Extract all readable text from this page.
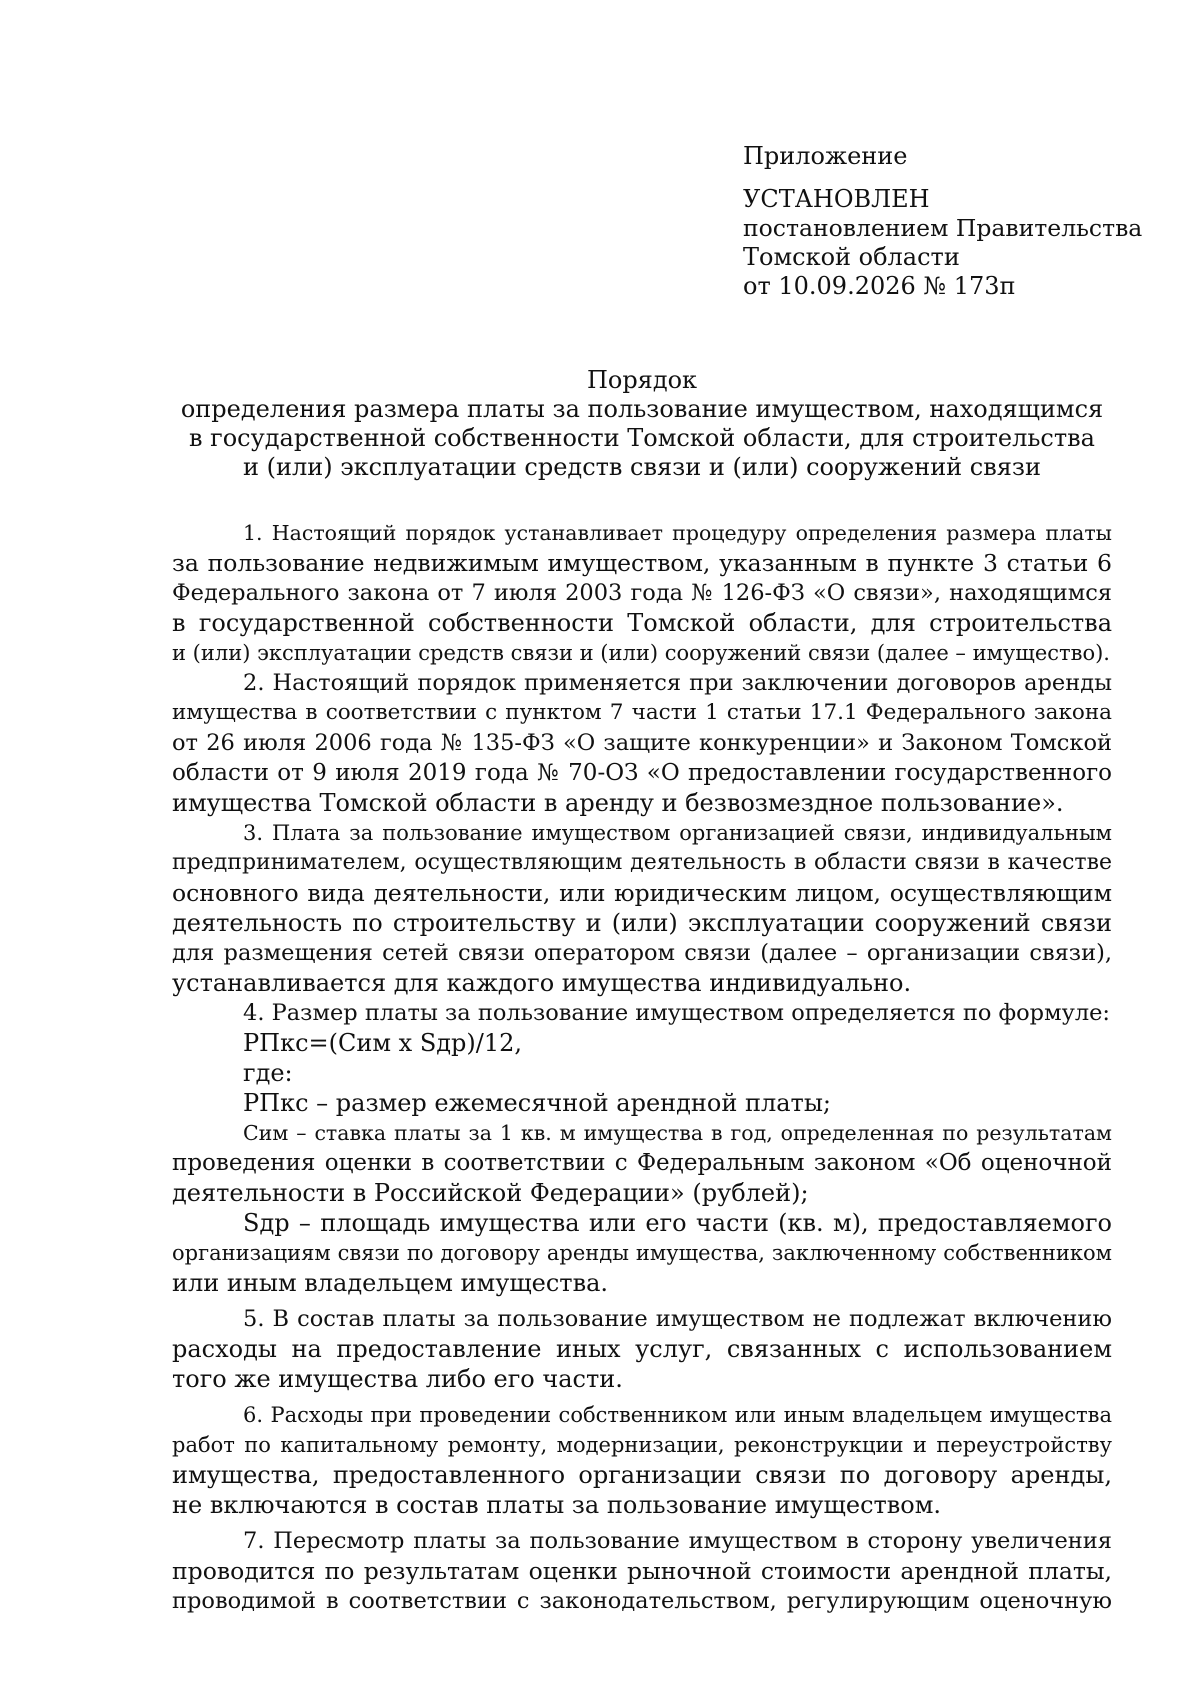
Приложение
УСТАНОВЛЕН
постановлением Правительства
Томской области
от 10.09.2026 № 173п
Порядок
определения размера платы за пользование имуществом, находящимся
в государственной собственности Томской области, для строительства
и (или) эксплуатации средств связи и (или) сооружений связи
1. Настоящий порядок устанавливает процедуру определения размера платы
за пользование недвижимым имуществом, указанным в пункте 3 статьи 6
Федерального закона от 7 июля 2003 года № 126-ФЗ «О связи», находящимся
в государственной собственности Томской области, для строительства
и (или) эксплуатации средств связи и (или) сооружений связи (далее – имущество).
2. Настоящий порядок применяется при заключении договоров аренды
имущества в соответствии с пунктом 7 части 1 статьи 17.1 Федерального закона
от 26 июля 2006 года № 135-ФЗ «О защите конкуренции» и Законом Томской
области от 9 июля 2019 года № 70-ОЗ «О предоставлении государственного
имущества Томской области в аренду и безвозмездное пользование».
3. Плата за пользование имуществом организацией связи, индивидуальным
предпринимателем, осуществляющим деятельность в области связи в качестве
основного вида деятельности, или юридическим лицом, осуществляющим
деятельность по строительству и (или) эксплуатации сооружений связи
для размещения сетей связи оператором связи (далее – организации связи),
устанавливается для каждого имущества индивидуально.
4. Размер платы за пользование имуществом определяется по формуле:
РПкс=(Сим х Sдр)/12,
где:
РПкс – размер ежемесячной арендной платы;
Сим – ставка платы за 1 кв. м имущества в год, определенная по результатам
проведения оценки в соответствии с Федеральным законом «Об оценочной
деятельности в Российской Федерации» (рублей);
Sдр – площадь имущества или его части (кв. м), предоставляемого
организациям связи по договору аренды имущества, заключенному собственником
или иным владельцем имущества.
5. В состав платы за пользование имуществом не подлежат включению
расходы на предоставление иных услуг, связанных с использованием
того же имущества либо его части.
6. Расходы при проведении собственником или иным владельцем имущества
работ по капитальному ремонту, модернизации, реконструкции и переустройству
имущества, предоставленного организации связи по договору аренды,
не включаются в состав платы за пользование имуществом.
7. Пересмотр платы за пользование имуществом в сторону увеличения
проводится по результатам оценки рыночной стоимости арендной платы,
проводимой в соответствии с законодательством, регулирующим оценочную
